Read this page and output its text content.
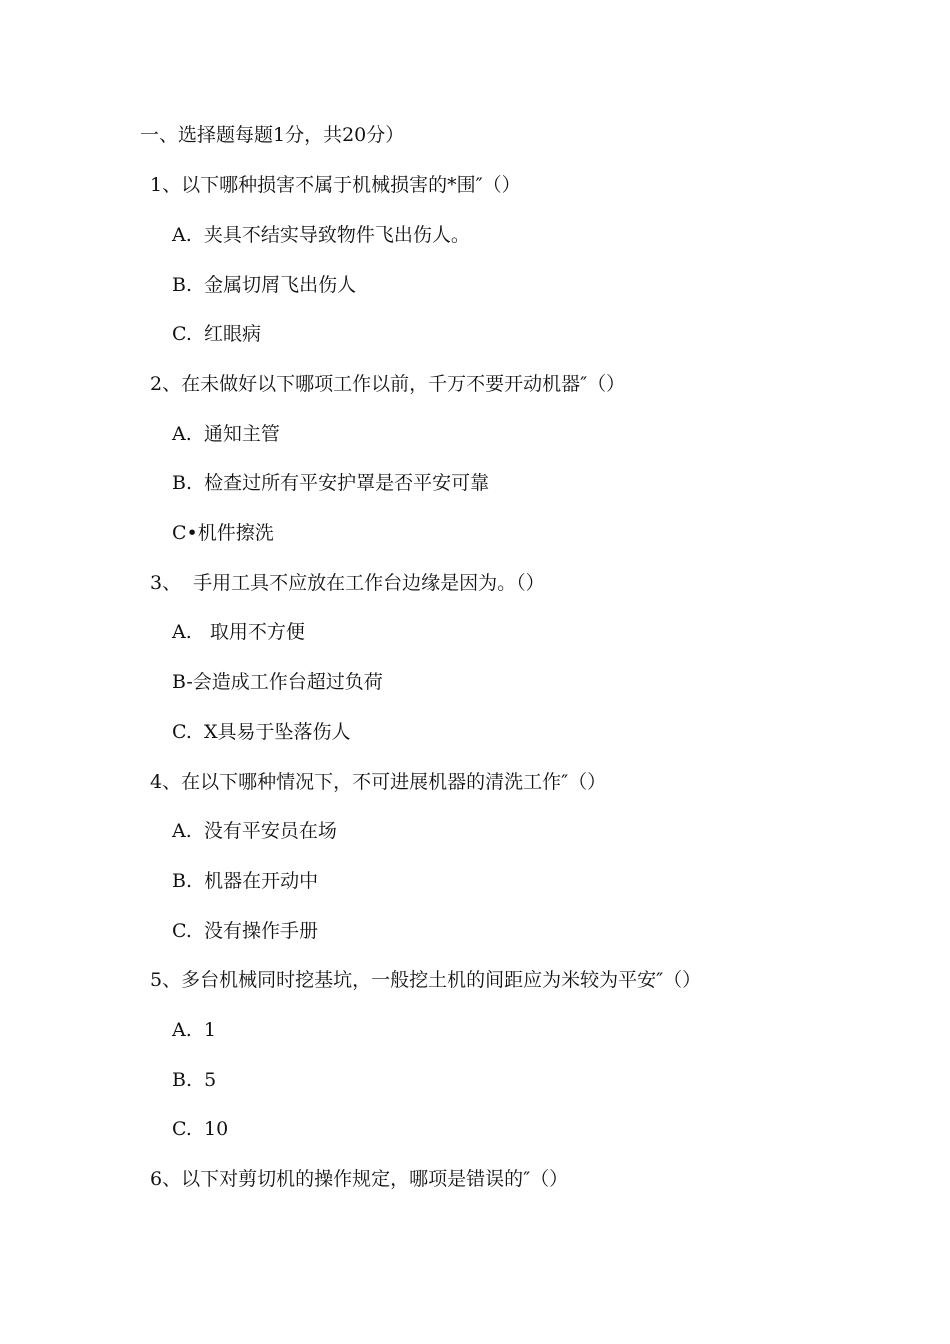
一、选择题每题1分，共20分）
1、以下哪种损害不属于机械损害的*围″（）
A.  夹具不结实导致物件飞出伤人。
B.  金属切屑飞出伤人
C.  红眼病
2、在未做好以下哪项工作以前，千万不要开动机器″（）
A.  通知主管
B.  检查过所有平安护罩是否平安可靠
C•机件擦洗
3、  手用工具不应放在工作台边缘是因为。（）
A.   取用不方便
B-会造成工作台超过负荷
C.  X具易于坠落伤人
4、在以下哪种情况下，不可进展机器的清洗工作″（）
A.  没有平安员在场
B.  机器在开动中
C.  没有操作手册
5、多台机械同时挖基坑，一般挖土机的间距应为米较为平安″（）
A.  1
B.  5
C.  10
6、以下对剪切机的操作规定，哪项是错误的″（）
